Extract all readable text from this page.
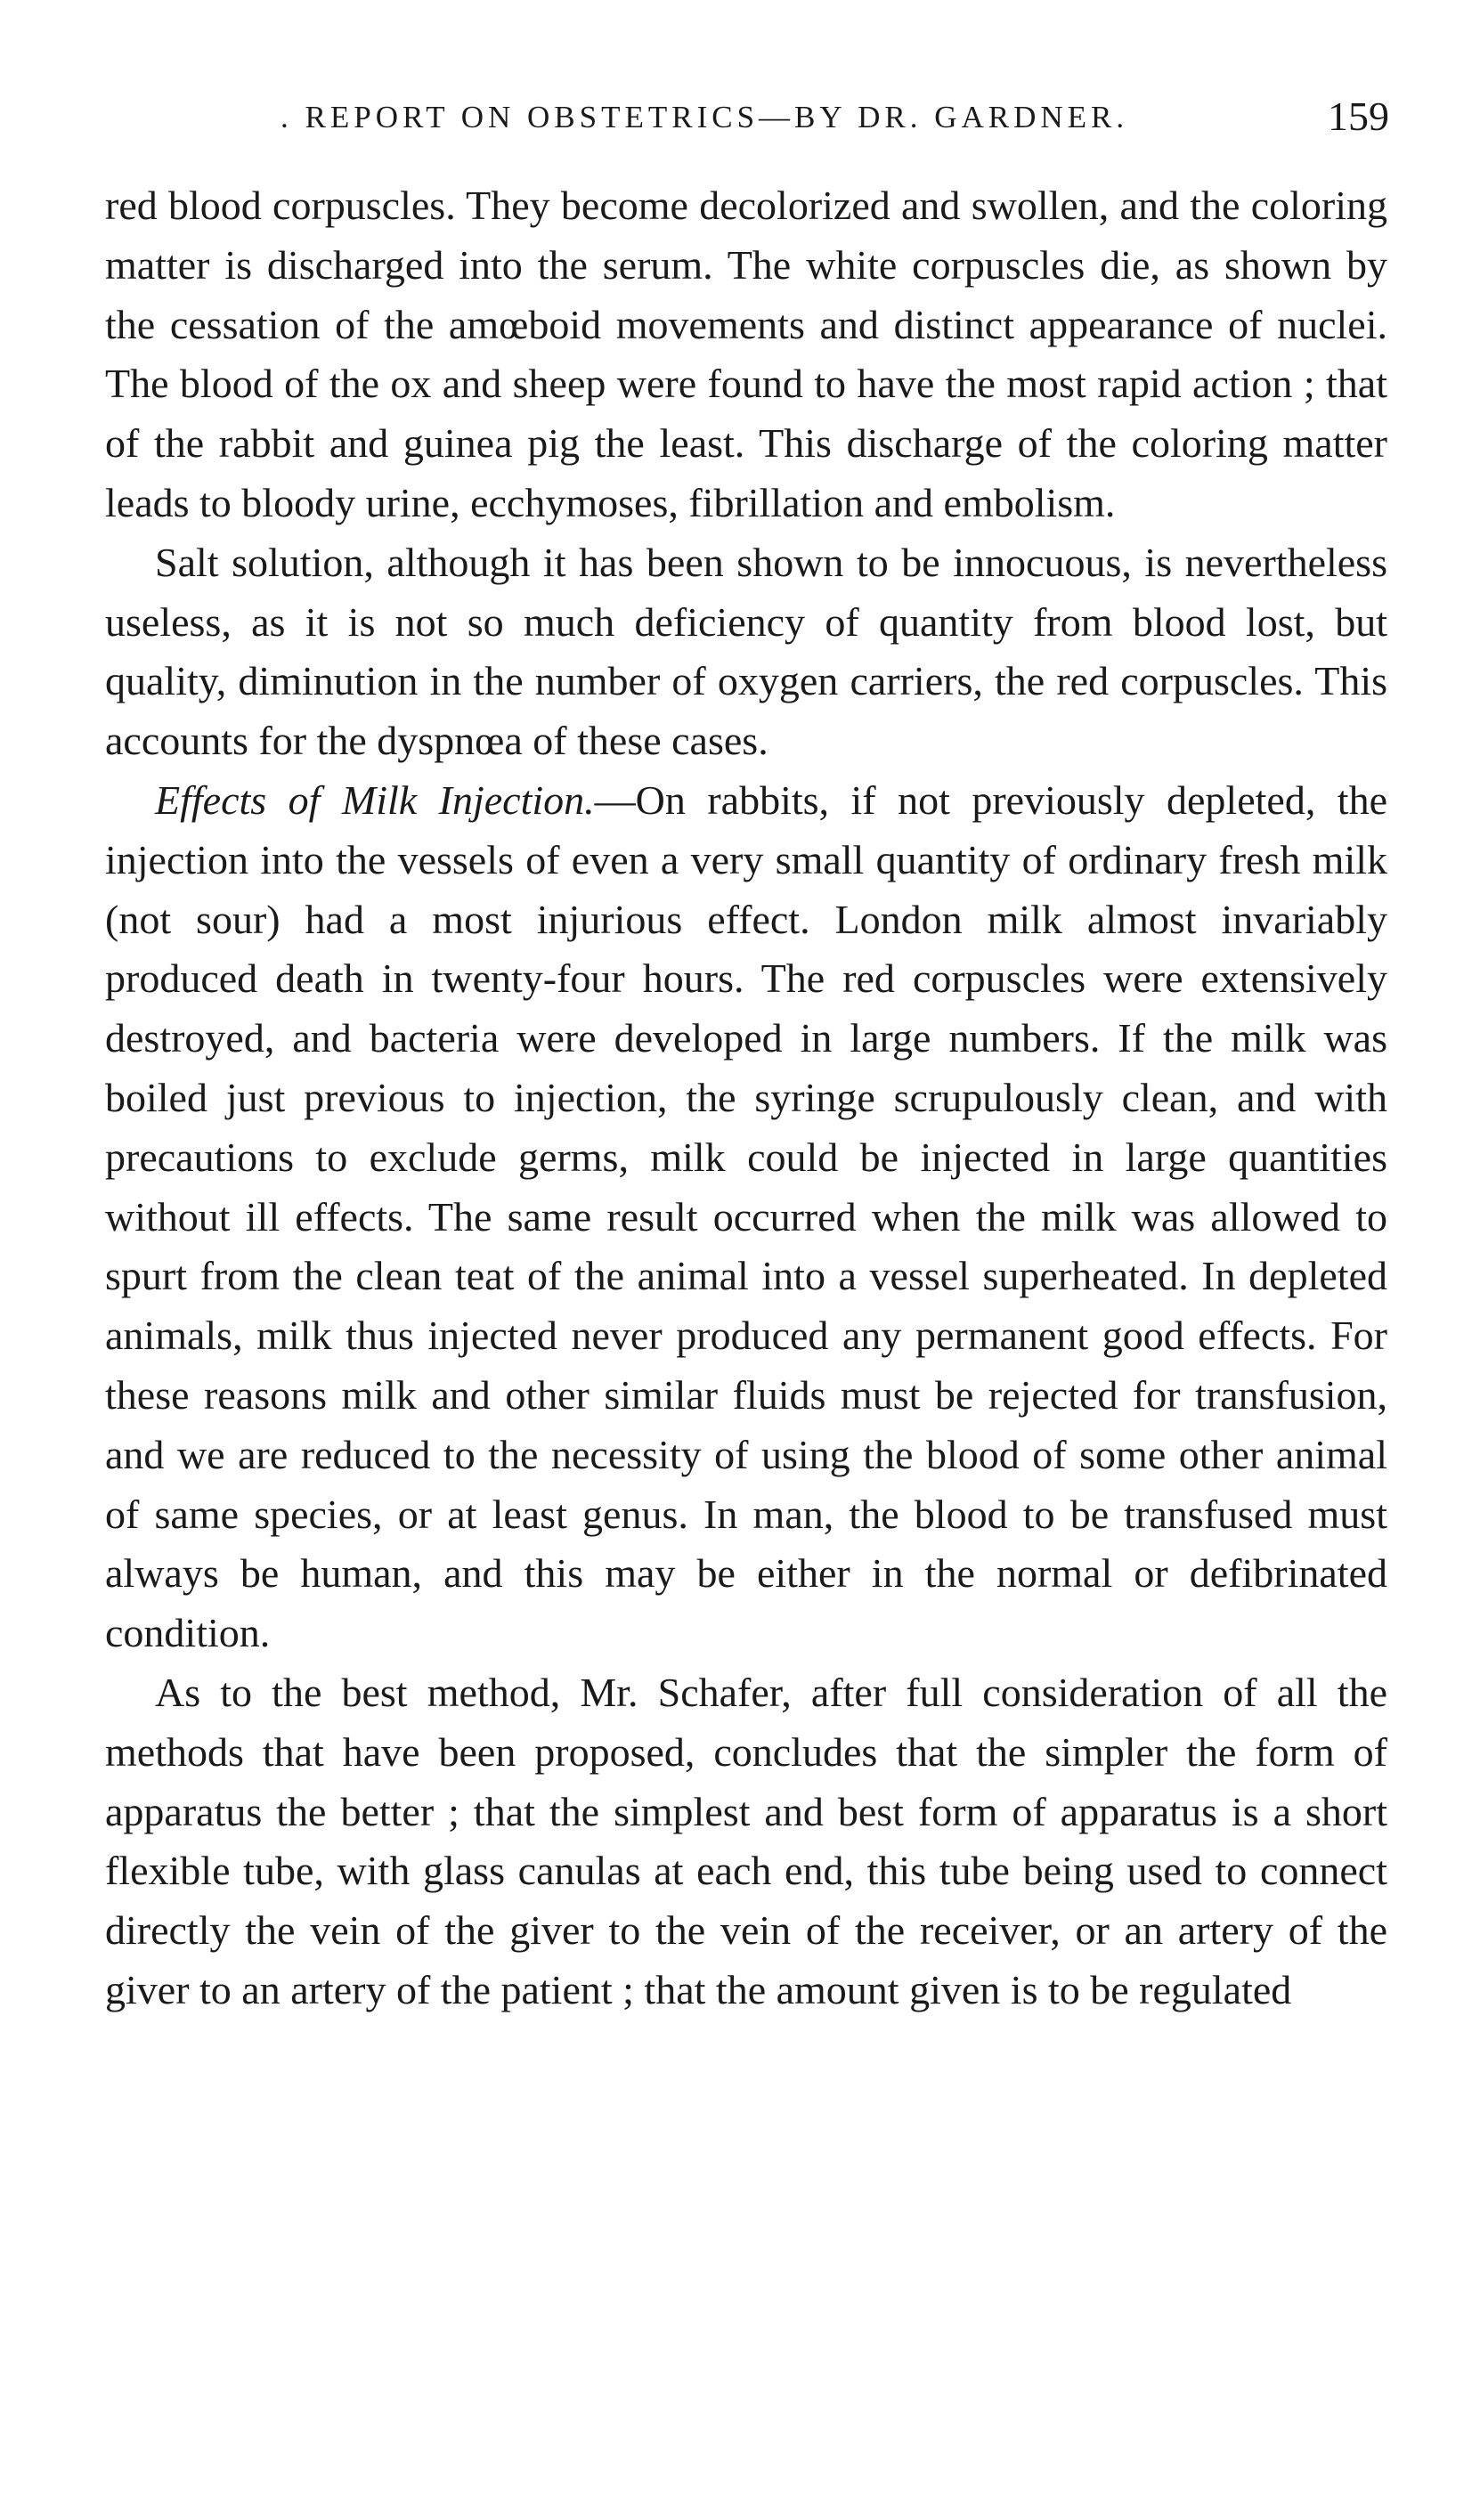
. REPORT ON OBSTETRICS—BY DR. GARDNER.	159

red blood corpuscles. They become decolorized and swollen, and the coloring matter is discharged into the serum. The white corpuscles die, as shown by the cessation of the amœboid movements and distinct appearance of nuclei. The blood of the ox and sheep were found to have the most rapid action ; that of the rabbit and guinea pig the least. This discharge of the coloring matter leads to bloody urine, ecchymoses, fibrillation and embolism.

Salt solution, although it has been shown to be innocuous, is nevertheless useless, as it is not so much deficiency of quantity from blood lost, but quality, diminution in the number of oxygen carriers, the red corpuscles. This accounts for the dyspnœa of these cases.

Effects of Milk Injection.—On rabbits, if not previously depleted, the injection into the vessels of even a very small quantity of ordinary fresh milk (not sour) had a most injurious effect. London milk almost invariably produced death in twenty-four hours. The red corpuscles were extensively destroyed, and bacteria were developed in large numbers. If the milk was boiled just previous to injection, the syringe scrupulously clean, and with precautions to exclude germs, milk could be injected in large quantities without ill effects. The same result occurred when the milk was allowed to spurt from the clean teat of the animal into a vessel superheated. In depleted animals, milk thus injected never produced any permanent good effects. For these reasons milk and other similar fluids must be rejected for transfusion, and we are reduced to the necessity of using the blood of some other animal of same species, or at least genus. In man, the blood to be transfused must always be human, and this may be either in the normal or defibrinated condition.

As to the best method, Mr. Schafer, after full consideration of all the methods that have been proposed, concludes that the simpler the form of apparatus the better ; that the simplest and best form of apparatus is a short flexible tube, with glass canulas at each end, this tube being used to connect directly the vein of the giver to the vein of the receiver, or an artery of the giver to an artery of the patient ; that the amount given is to be regulated
